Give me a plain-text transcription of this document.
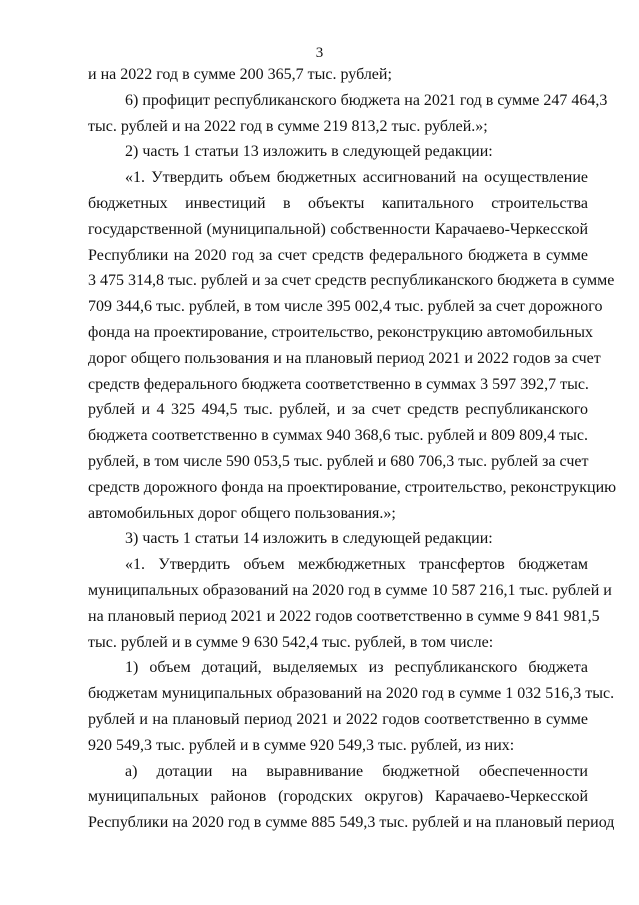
3
и на 2022 год в сумме 200 365,7 тыс. рублей;
6) профицит республиканского бюджета на 2021 год в сумме 247 464,3
тыс. рублей и на 2022 год в сумме 219 813,2 тыс. рублей.»;
2) часть 1 статьи 13 изложить в следующей редакции:
«1. Утвердить объем бюджетных ассигнований на осуществление
бюджетных инвестиций в объекты капитального строительства
государственной (муниципальной) собственности Карачаево-Черкесской
Республики на 2020 год за счет средств федерального бюджета в сумме
3 475 314,8 тыс. рублей и за счет средств республиканского бюджета в сумме
709 344,6 тыс. рублей, в том числе 395 002,4 тыс. рублей за счет дорожного
фонда на проектирование, строительство, реконструкцию автомобильных
дорог общего пользования и на плановый период 2021 и 2022 годов за счет
средств федерального бюджета соответственно в суммах 3 597 392,7 тыс.
рублей и 4 325 494,5 тыс. рублей, и за счет средств республиканского
бюджета соответственно в суммах 940 368,6 тыс. рублей и 809 809,4 тыс.
рублей, в том числе 590 053,5 тыс. рублей и 680 706,3 тыс. рублей за счет
средств дорожного фонда на проектирование, строительство, реконструкцию
автомобильных дорог общего пользования.»;
3) часть 1 статьи 14 изложить в следующей редакции:
«1. Утвердить объем межбюджетных трансфертов бюджетам
муниципальных образований на 2020 год в сумме 10 587 216,1 тыс. рублей и
на плановый период 2021 и 2022 годов соответственно в сумме 9 841 981,5
тыс. рублей и в сумме 9 630 542,4 тыс. рублей, в том числе:
1) объем дотаций, выделяемых из республиканского бюджета
бюджетам муниципальных образований на 2020 год в сумме 1 032 516,3 тыс.
рублей и на плановый период 2021 и 2022 годов соответственно в сумме
920 549,3 тыс. рублей и в сумме 920 549,3 тыс. рублей, из них:
а) дотации на выравнивание бюджетной обеспеченности
муниципальных районов (городских округов) Карачаево-Черкесской
Республики на 2020 год в сумме 885 549,3 тыс. рублей и на плановый период
